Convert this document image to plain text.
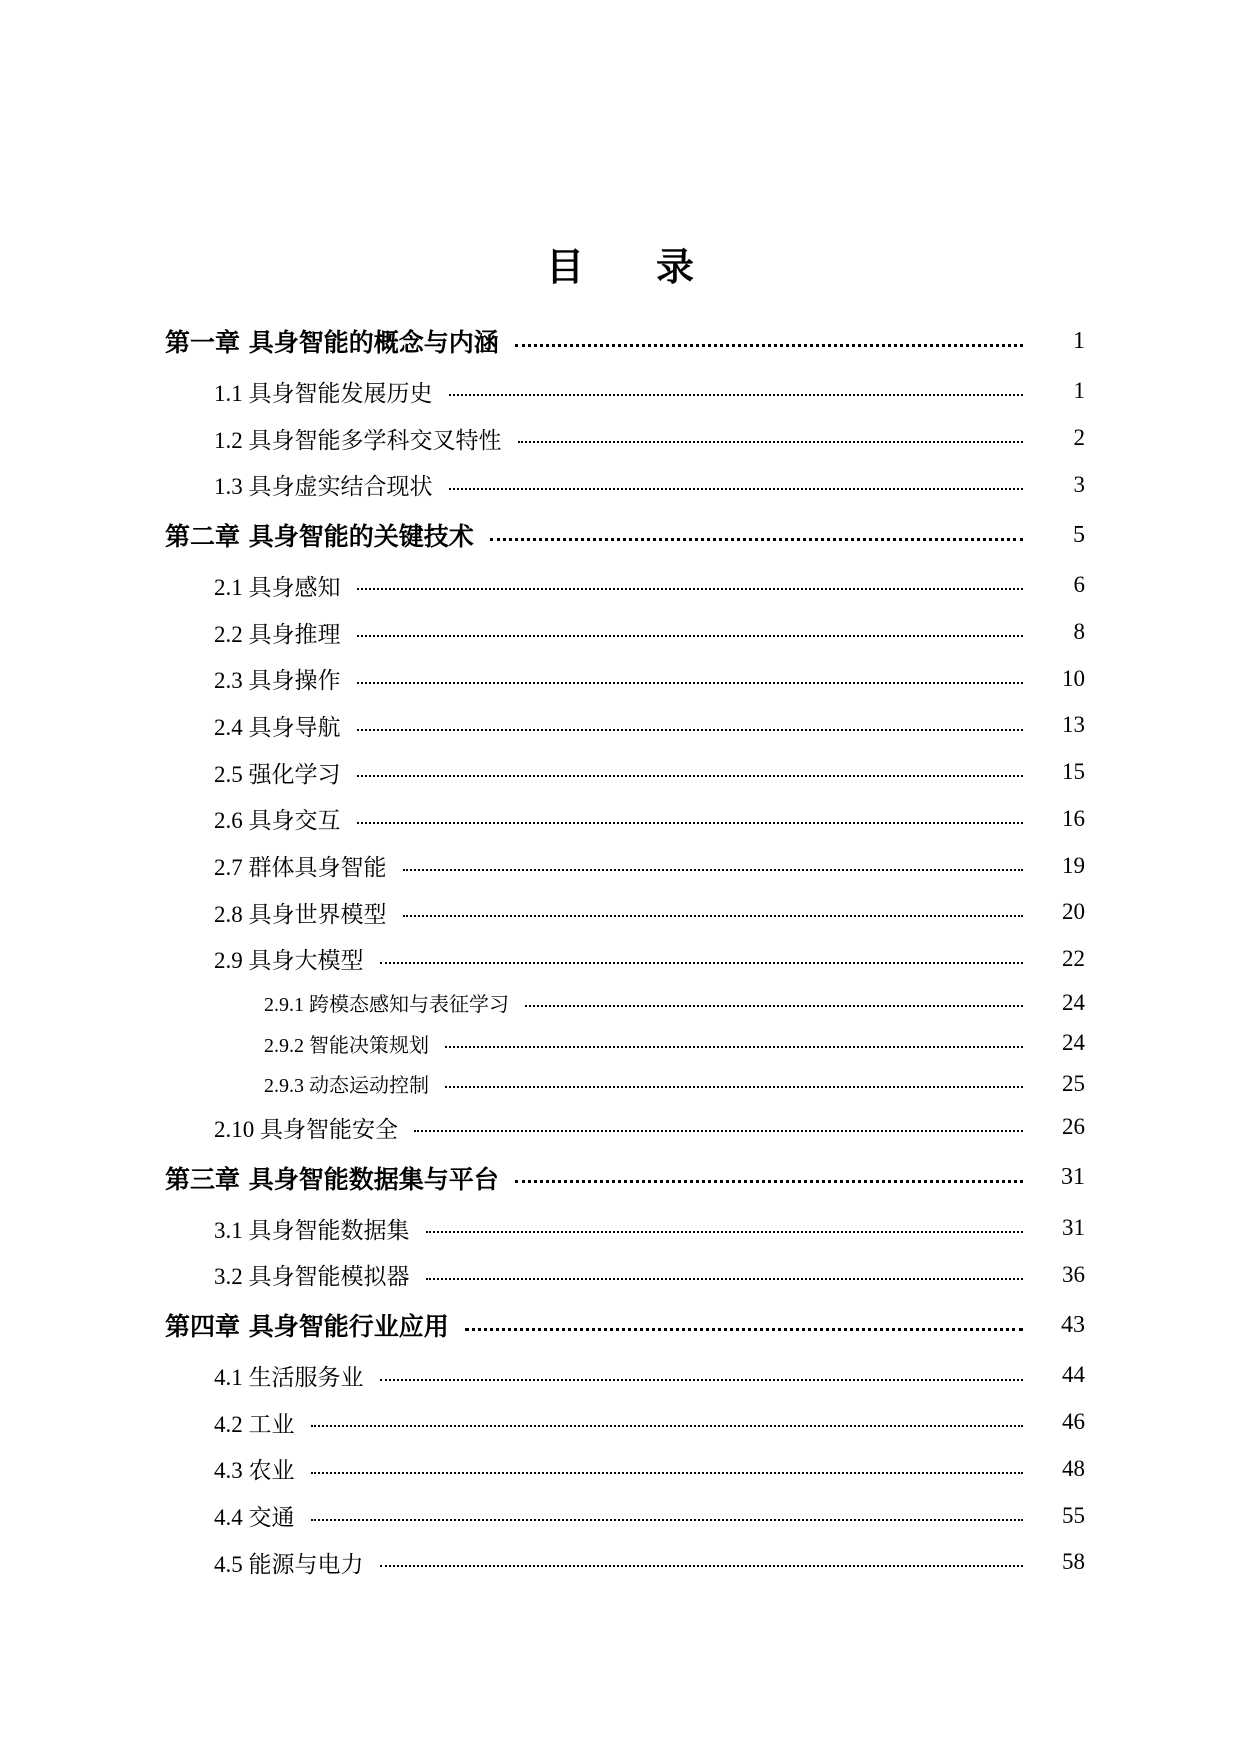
目 录
第一章 具身智能的概念与内涵	1
1.1 具身智能发展历史	1
1.2 具身智能多学科交叉特性	2
1.3 具身虚实结合现状	3
第二章 具身智能的关键技术	5
2.1 具身感知	6
2.2 具身推理	8
2.3 具身操作	10
2.4 具身导航	13
2.5 强化学习	15
2.6 具身交互	16
2.7 群体具身智能	19
2.8 具身世界模型	20
2.9 具身大模型	22
2.9.1 跨模态感知与表征学习	24
2.9.2 智能决策规划	24
2.9.3 动态运动控制	25
2.10 具身智能安全	26
第三章 具身智能数据集与平台	31
3.1 具身智能数据集	31
3.2 具身智能模拟器	36
第四章 具身智能行业应用	43
4.1 生活服务业	44
4.2 工业	46
4.3 农业	48
4.4 交通	55
4.5 能源与电力	58
